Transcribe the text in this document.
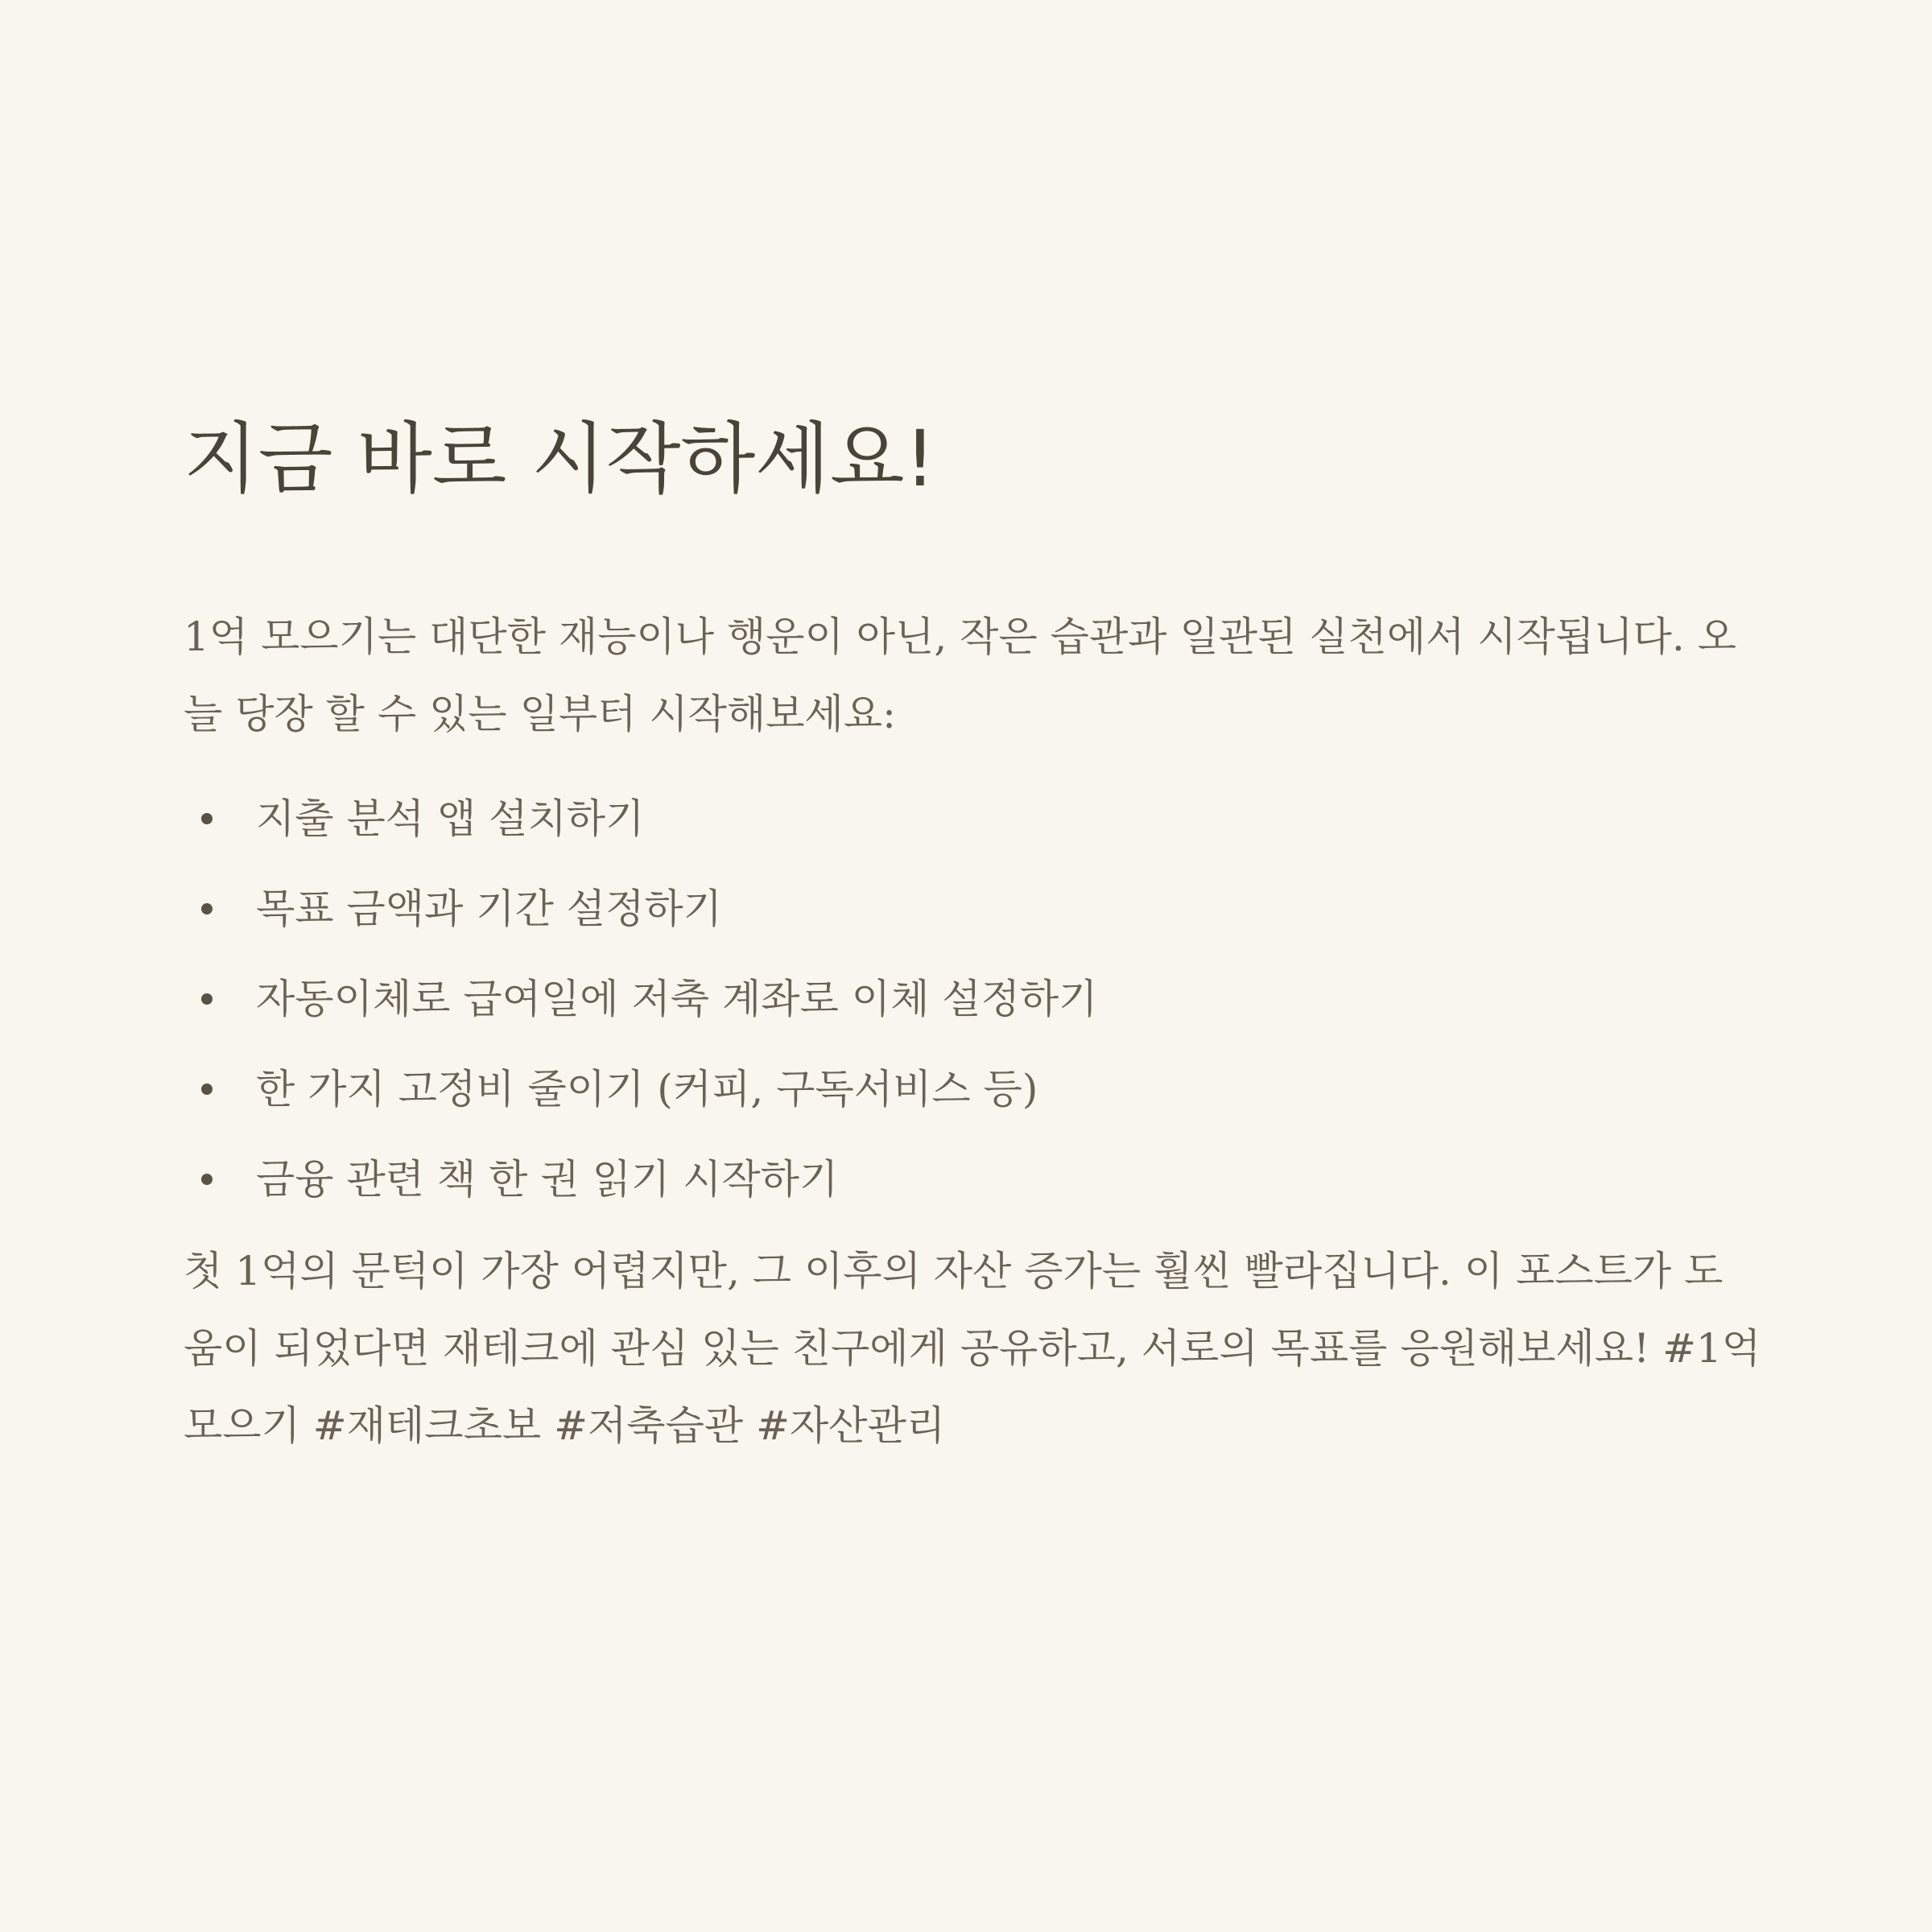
지금 바로 시작하세요!

1억 모으기는 대단한 재능이나 행운이 아닌, 작은 습관과 일관된 실천에서 시작됩니다. 오늘 당장 할 수 있는 일부터 시작해보세요:

지출 분석 앱 설치하기
목표 금액과 기간 설정하기
자동이체로 급여일에 저축 계좌로 이체 설정하기
한 가지 고정비 줄이기 (커피, 구독서비스 등)
금융 관련 책 한 권 읽기 시작하기

첫 1억의 문턱이 가장 어렵지만, 그 이후의 자산 증가는 훨씬 빨라집니다. 이 포스트가 도움이 되었다면 재테크에 관심 있는 친구에게 공유하고, 서로의 목표를 응원해보세요! #1억모으기 #재테크초보 #저축습관 #자산관리
